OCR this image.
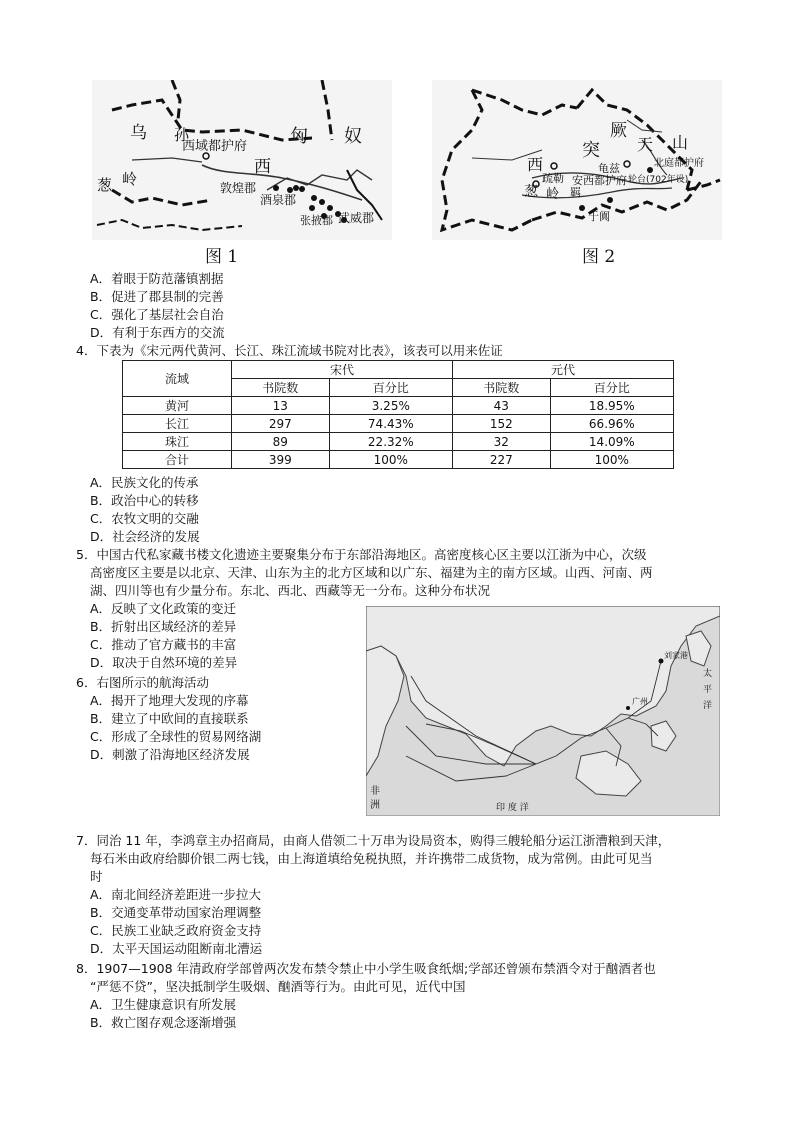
乌 孙
西域都护府 匈 奴
西
葱 岭	敦煌郡
酒泉郡
张掖郡 武威郡
图 1
西
突
厥
天 山
龟兹
安西都护府
疏勒
北庭都护府
羁
轮台(702年设)
于阗
葱 岭
图 2
A．着眼于防范藩镇割据
B．促进了郡县制的完善
C．强化了基层社会自治
D．有利于东西方的交流
4．下表为《宋元两代黄河、长江、珠江流域书院对比表》，该表可以用来佐证
流域	宋代		元代	
	书院数	百分比	书院数	百分比
黄河	13	3.25%	43	18.95%
长江	297	74.43%	152	66.96%
珠江	89	22.32%	32	14.09%
合计	399	100%	227	100%
A．民族文化的传承
B．政治中心的转移
C．农牧文明的交融
D．社会经济的发展
5．中国古代私家藏书楼文化遗迹主要聚集分布于东部沿海地区。高密度核心区主要以江浙为中心，次级
高密度区主要是以北京、天津、山东为主的北方区域和以广东、福建为主的南方区域。山西、河南、两
湖、四川等也有少量分布。东北、西北、西藏等无一分布。这种分布状况
A．反映了文化政策的变迁
B．折射出区域经济的差异
C．推动了官方藏书的丰富
D．取决于自然环境的差异
6．右图所示的航海活动
A．揭开了地理大发现的序幕
B．建立了中欧间的直接联系
C．形成了全球性的贸易网络湖
D．刺激了沿海地区经济发展
太
平
洋
印 度 洋
非
洲
刘家港
广州
7．同治 11 年，李鸿章主办招商局，由商人借领二十万串为设局资本，购得三艘轮船分运江浙漕粮到天津，
每石米由政府给脚价银二两七钱，由上海道填给免税执照，并许携带二成货物，成为常例。由此可见当
时
A．南北间经济差距进一步拉大
B．交通变革带动国家治理调整
C．民族工业缺乏政府资金支持
D．太平天国运动阻断南北漕运
8．1907—1908 年清政府学部曾两次发布禁令禁止中小学生吸食纸烟;学部还曾颁布禁酒令对于酗酒者也
“严惩不贷”，坚决抵制学生吸烟、酗酒等行为。由此可见，近代中国
A．卫生健康意识有所发展
B．救亡图存观念逐渐增强
